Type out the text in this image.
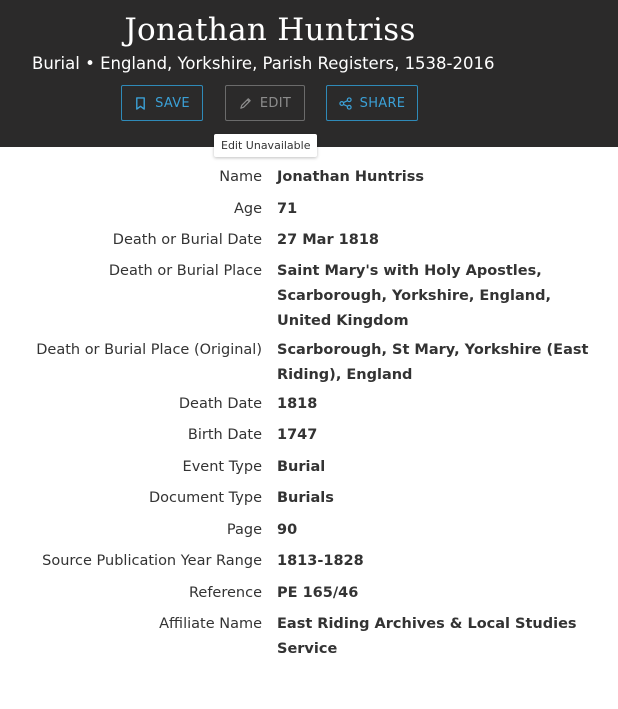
Jonathan Huntriss
Burial • England, Yorkshire, Parish Registers, 1538-2016
SAVE	EDIT	SHARE
Edit Unavailable
Name Jonathan Huntriss
Age 71
Death or Burial Date 27 Mar 1818
Death or Burial Place Saint Mary's with Holy Apostles, Scarborough, Yorkshire, England, United Kingdom
Death or Burial Place (Original) Scarborough, St Mary, Yorkshire (East Riding), England
Death Date 1818
Birth Date 1747
Event Type Burial
Document Type Burials
Page 90
Source Publication Year Range 1813-1828
Reference PE 165/46
Affiliate Name East Riding Archives & Local Studies Service
